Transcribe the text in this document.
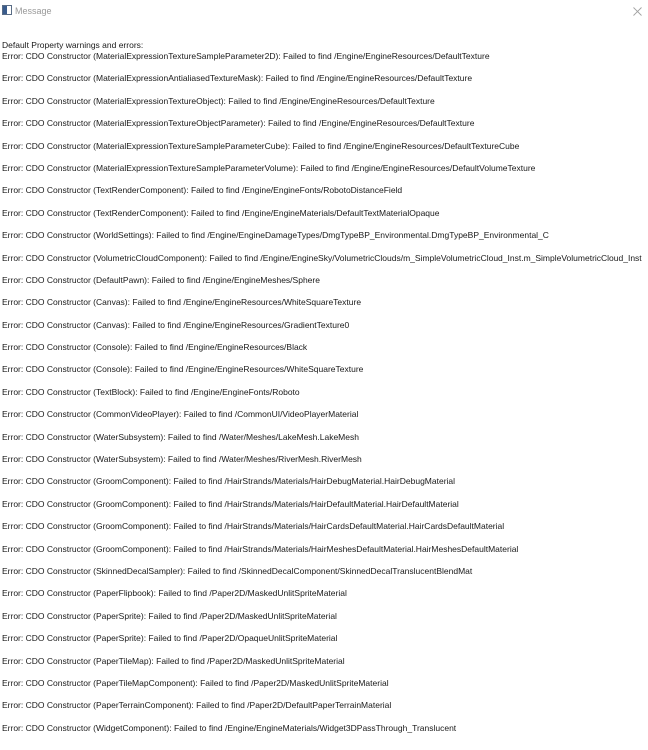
Message
Default Property warnings and errors:
Error: CDO Constructor (MaterialExpressionTextureSampleParameter2D): Failed to find /Engine/EngineResources/DefaultTexture
Error: CDO Constructor (MaterialExpressionAntialiasedTextureMask): Failed to find /Engine/EngineResources/DefaultTexture
Error: CDO Constructor (MaterialExpressionTextureObject): Failed to find /Engine/EngineResources/DefaultTexture
Error: CDO Constructor (MaterialExpressionTextureObjectParameter): Failed to find /Engine/EngineResources/DefaultTexture
Error: CDO Constructor (MaterialExpressionTextureSampleParameterCube): Failed to find /Engine/EngineResources/DefaultTextureCube
Error: CDO Constructor (MaterialExpressionTextureSampleParameterVolume): Failed to find /Engine/EngineResources/DefaultVolumeTexture
Error: CDO Constructor (TextRenderComponent): Failed to find /Engine/EngineFonts/RobotoDistanceField
Error: CDO Constructor (TextRenderComponent): Failed to find /Engine/EngineMaterials/DefaultTextMaterialOpaque
Error: CDO Constructor (WorldSettings): Failed to find /Engine/EngineDamageTypes/DmgTypeBP_Environmental.DmgTypeBP_Environmental_C
Error: CDO Constructor (VolumetricCloudComponent): Failed to find /Engine/EngineSky/VolumetricClouds/m_SimpleVolumetricCloud_Inst.m_SimpleVolumetricCloud_Inst
Error: CDO Constructor (DefaultPawn): Failed to find /Engine/EngineMeshes/Sphere
Error: CDO Constructor (Canvas): Failed to find /Engine/EngineResources/WhiteSquareTexture
Error: CDO Constructor (Canvas): Failed to find /Engine/EngineResources/GradientTexture0
Error: CDO Constructor (Console): Failed to find /Engine/EngineResources/Black
Error: CDO Constructor (Console): Failed to find /Engine/EngineResources/WhiteSquareTexture
Error: CDO Constructor (TextBlock): Failed to find /Engine/EngineFonts/Roboto
Error: CDO Constructor (CommonVideoPlayer): Failed to find /CommonUI/VideoPlayerMaterial
Error: CDO Constructor (WaterSubsystem): Failed to find /Water/Meshes/LakeMesh.LakeMesh
Error: CDO Constructor (WaterSubsystem): Failed to find /Water/Meshes/RiverMesh.RiverMesh
Error: CDO Constructor (GroomComponent): Failed to find /HairStrands/Materials/HairDebugMaterial.HairDebugMaterial
Error: CDO Constructor (GroomComponent): Failed to find /HairStrands/Materials/HairDefaultMaterial.HairDefaultMaterial
Error: CDO Constructor (GroomComponent): Failed to find /HairStrands/Materials/HairCardsDefaultMaterial.HairCardsDefaultMaterial
Error: CDO Constructor (GroomComponent): Failed to find /HairStrands/Materials/HairMeshesDefaultMaterial.HairMeshesDefaultMaterial
Error: CDO Constructor (SkinnedDecalSampler): Failed to find /SkinnedDecalComponent/SkinnedDecalTranslucentBlendMat
Error: CDO Constructor (PaperFlipbook): Failed to find /Paper2D/MaskedUnlitSpriteMaterial
Error: CDO Constructor (PaperSprite): Failed to find /Paper2D/MaskedUnlitSpriteMaterial
Error: CDO Constructor (PaperSprite): Failed to find /Paper2D/OpaqueUnlitSpriteMaterial
Error: CDO Constructor (PaperTileMap): Failed to find /Paper2D/MaskedUnlitSpriteMaterial
Error: CDO Constructor (PaperTileMapComponent): Failed to find /Paper2D/MaskedUnlitSpriteMaterial
Error: CDO Constructor (PaperTerrainComponent): Failed to find /Paper2D/DefaultPaperTerrainMaterial
Error: CDO Constructor (WidgetComponent): Failed to find /Engine/EngineMaterials/Widget3DPassThrough_Translucent
